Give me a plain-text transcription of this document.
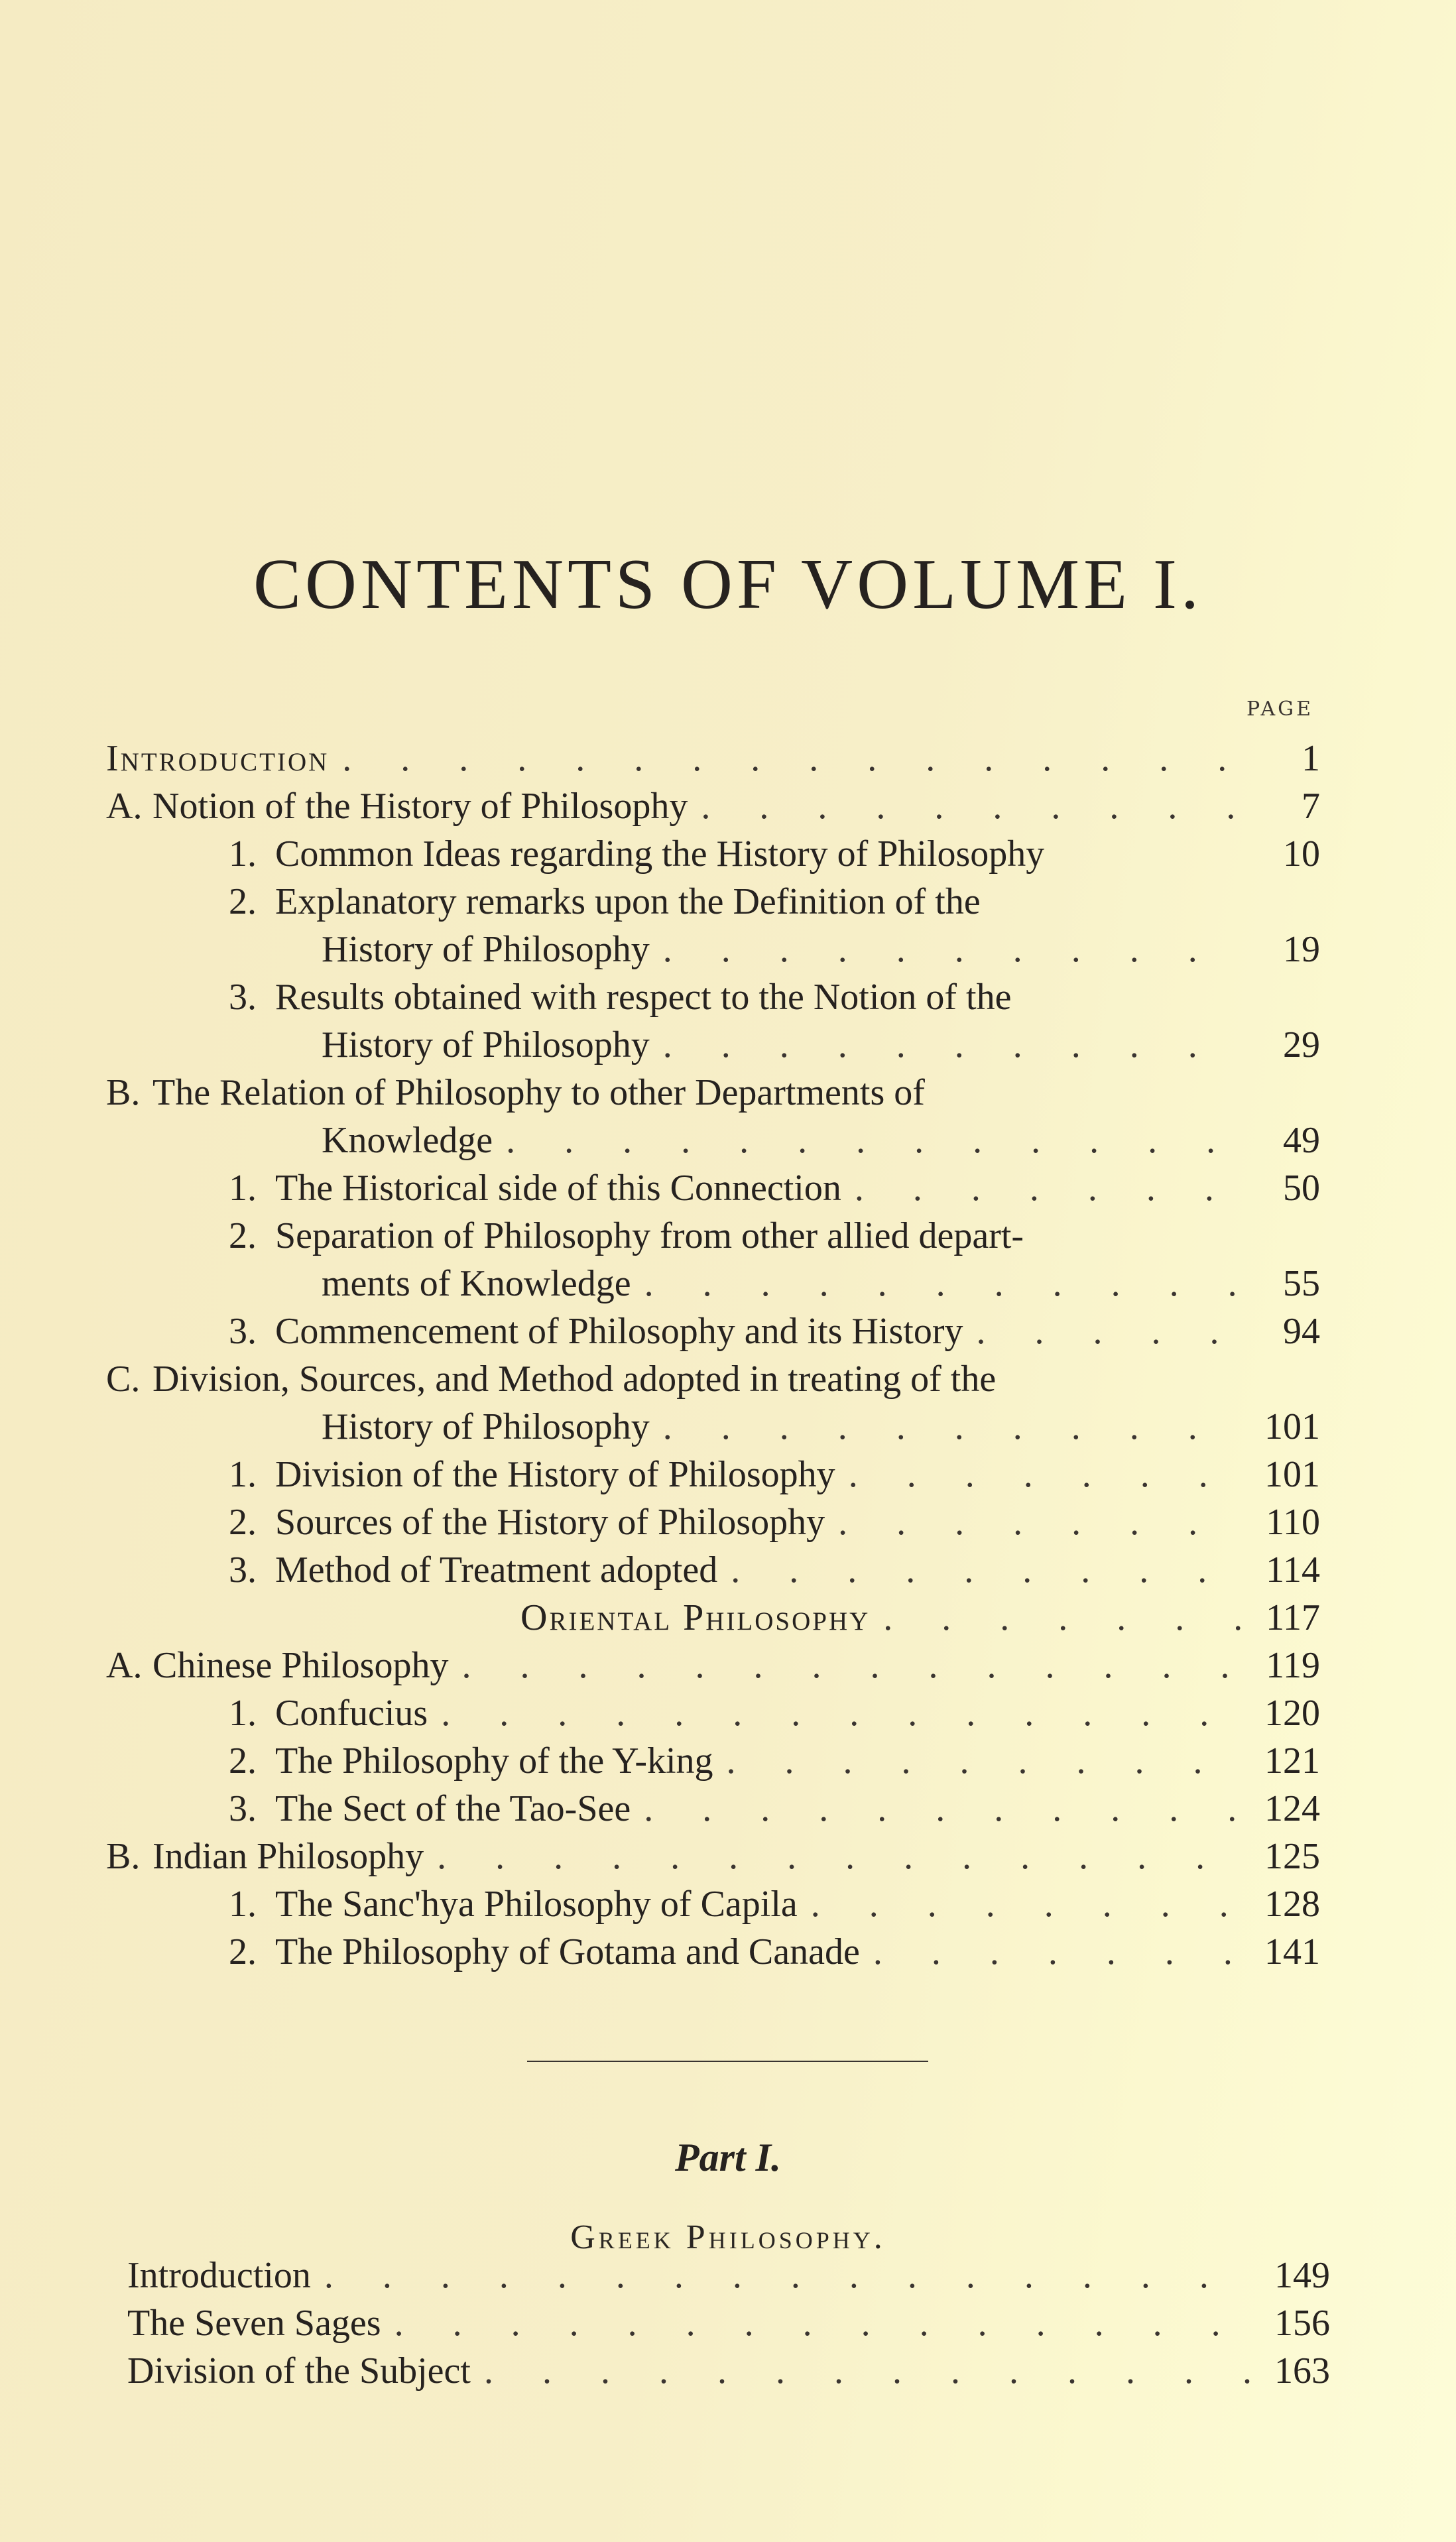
CONTENTS OF VOLUME I.
PAGE
Introduction . . .	1
A. Notion of the History of Philosophy . . .	7
1. Common Ideas regarding the History of Philosophy	10
2. Explanatory remarks upon the Definition of the
History of Philosophy . . .	19
3. Results obtained with respect to the Notion of the
History of Philosophy . . .	29
B. The Relation of Philosophy to other Departments of
Knowledge . . .	49
1. The Historical side of this Connection . . .	50
2. Separation of Philosophy from other allied depart-
ments of Knowledge . . .	55
3. Commencement of Philosophy and its History . . .	94
C. Division, Sources, and Method adopted in treating of the
History of Philosophy . . .	101
1. Division of the History of Philosophy . . .	101
2. Sources of the History of Philosophy . . .	110
3. Method of Treatment adopted . . .	114
Oriental Philosophy . . .	117
A. Chinese Philosophy . . .	119
1. Confucius . . .	120
2. The Philosophy of the Y-king . . .	121
3. The Sect of the Tao-See . . .	124
B. Indian Philosophy . . .	125
1. The Sanc'hya Philosophy of Capila . . .	128
2. The Philosophy of Gotama and Canade . . .	141
Part I.
Greek Philosophy.
Introduction . . .	149
The Seven Sages . . .	156
Division of the Subject . . .	163
